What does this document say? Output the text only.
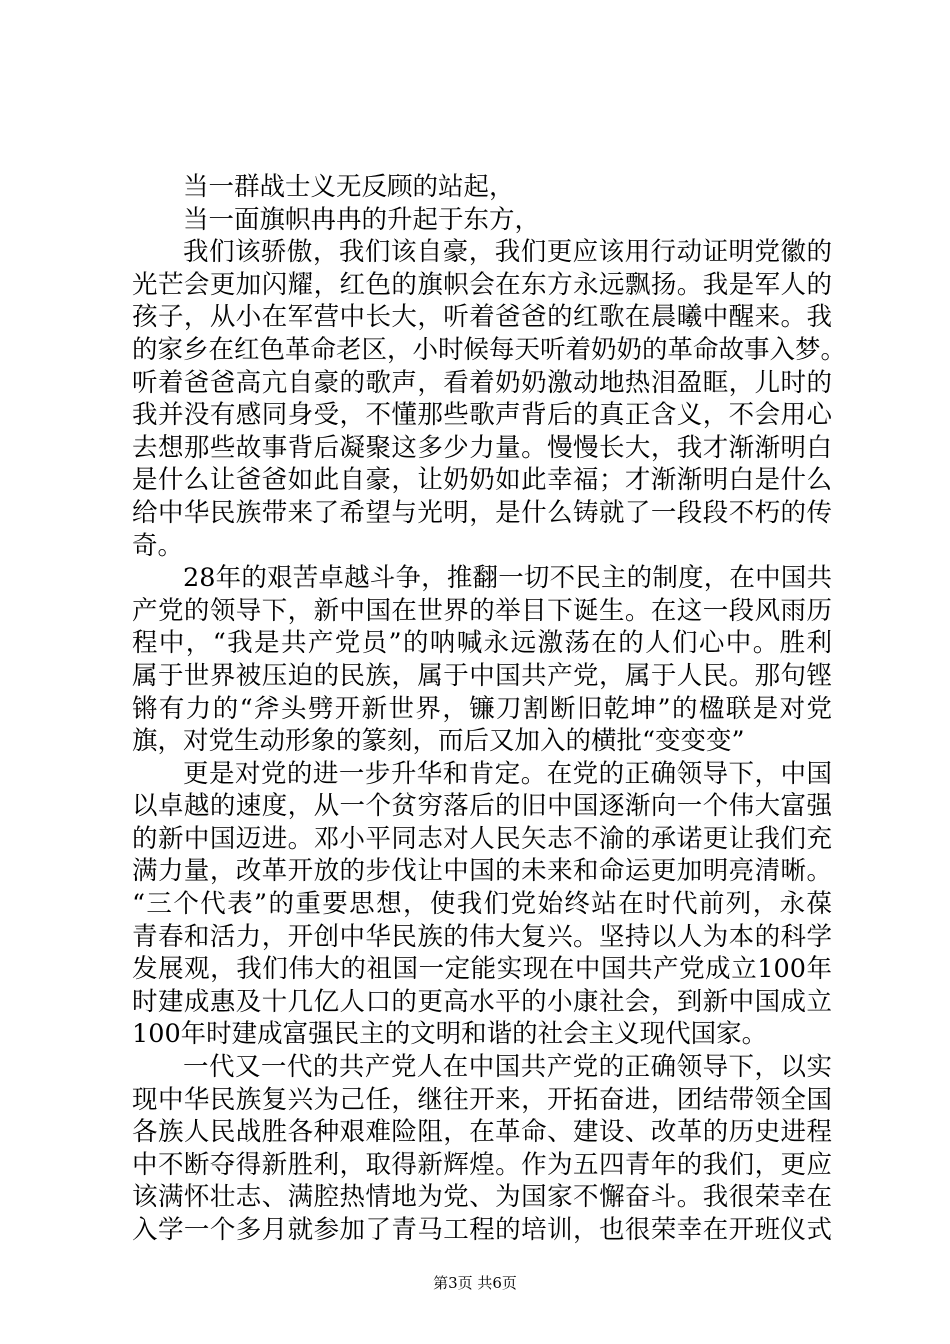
当一群战士义无反顾的站起，
当一面旗帜冉冉的升起于东方，
我们该骄傲，我们该自豪，我们更应该用行动证明党徽的
光芒会更加闪耀，红色的旗帜会在东方永远飘扬。我是军人的
孩子，从小在军营中长大，听着爸爸的红歌在晨曦中醒来。我
的家乡在红色革命老区，小时候每天听着奶奶的革命故事入梦。
听着爸爸高亢自豪的歌声，看着奶奶激动地热泪盈眶，儿时的
我并没有感同身受，不懂那些歌声背后的真正含义，不会用心
去想那些故事背后凝聚这多少力量。慢慢长大，我才渐渐明白
是什么让爸爸如此自豪，让奶奶如此幸福；才渐渐明白是什么
给中华民族带来了希望与光明，是什么铸就了一段段不朽的传
奇。
28年的艰苦卓越斗争，推翻一切不民主的制度，在中国共
产党的领导下，新中国在世界的举目下诞生。在这一段风雨历
程中，“我是共产党员”的呐喊永远激荡在的人们心中。胜利
属于世界被压迫的民族，属于中国共产党，属于人民。那句铿
锵有力的“斧头劈开新世界，镰刀割断旧乾坤”的楹联是对党
旗，对党生动形象的篆刻，而后又加入的横批“变变变”
更是对党的进一步升华和肯定。在党的正确领导下，中国
以卓越的速度，从一个贫穷落后的旧中国逐渐向一个伟大富强
的新中国迈进。邓小平同志对人民矢志不渝的承诺更让我们充
满力量，改革开放的步伐让中国的未来和命运更加明亮清晰。
“三个代表”的重要思想，使我们党始终站在时代前列，永葆
青春和活力，开创中华民族的伟大复兴。坚持以人为本的科学
发展观，我们伟大的祖国一定能实现在中国共产党成立100年
时建成惠及十几亿人口的更高水平的小康社会，到新中国成立
100年时建成富强民主的文明和谐的社会主义现代国家。
一代又一代的共产党人在中国共产党的正确领导下，以实
现中华民族复兴为己任，继往开来，开拓奋进，团结带领全国
各族人民战胜各种艰难险阻，在革命、建设、改革的历史进程
中不断夺得新胜利，取得新辉煌。作为五四青年的我们，更应
该满怀壮志、满腔热情地为党、为国家不懈奋斗。我很荣幸在
入学一个多月就参加了青马工程的培训，也很荣幸在开班仪式
第3页 共6页
